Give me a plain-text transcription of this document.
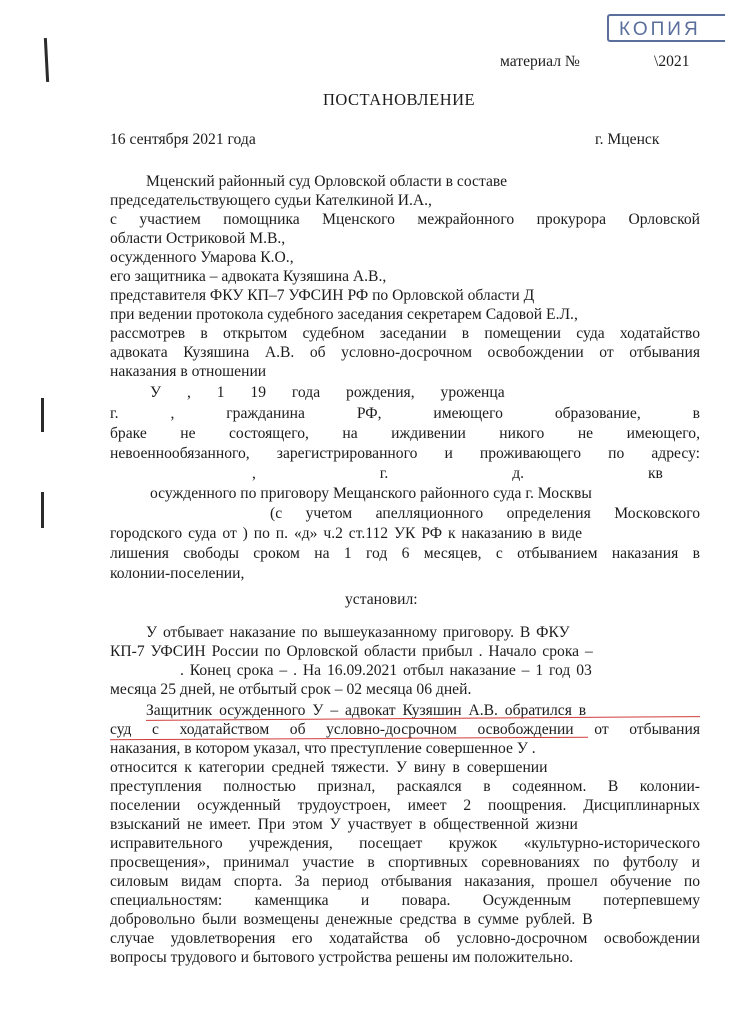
КОПИЯ
материал №	\2021
ПОСТАНОВЛЕНИЕ
16 сентября 2021 года	г. Мценск
Мценский районный суд Орловской области в составе
председательствующего судьи Кателкиной И.А.,
с участием помощника Мценского межрайонного прокурора Орловской
области Остриковой М.В.,
осужденного Умарова К.О.,
его защитника – адвоката Кузяшина А.В.,
представителя ФКУ КП–7 УФСИН РФ по Орловской области Д
при ведении протокола судебного заседания секретарем Садовой Е.Л.,
рассмотрев в открытом судебном заседании в помещении суда ходатайство
адвоката Кузяшина А.В. об условно-досрочном освобождении от отбывания
наказания в отношении
У , 1 19 года рождения, уроженца
г. , гражданина РФ, имеющего образование, в
браке не состоящего, на иждивении никого не имеющего,
невоеннообязанного, зарегистрированного и проживающего по адресу:
, г. д. кв
осужденного по приговору Мещанского районного суда г. Москвы
(с учетом апелляционного определения Московского
городского суда от ) по п. «д» ч.2 ст.112 УК РФ к наказанию в виде
лишения свободы сроком на 1 год 6 месяцев, с отбыванием наказания в
колонии-поселении,
установил:
У отбывает наказание по вышеуказанному приговору. В ФКУ
КП-7 УФСИН России по Орловской области прибыл . Начало срока –
. Конец срока – . На 16.09.2021 отбыл наказание – 1 год 03
месяца 25 дней, не отбытый срок – 02 месяца 06 дней.
Защитник осужденного У – адвокат Кузяшин А.В. обратился в
суд с ходатайством об условно-досрочном освобождении от отбывания
наказания, в котором указал, что преступление совершенное У .
относится к категории средней тяжести. У вину в совершении
преступления полностью признал, раскаялся в содеянном. В колонии-
поселении осужденный трудоустроен, имеет 2 поощрения. Дисциплинарных
взысканий не имеет. При этом У участвует в общественной жизни
исправительного учреждения, посещает кружок «культурно-исторического
просвещения», принимал участие в спортивных соревнованиях по футболу и
силовым видам спорта. За период отбывания наказания, прошел обучение по
специальностям: каменщика и повара. Осужденным потерпевшему
добровольно были возмещены денежные средства в сумме рублей. В
случае удовлетворения его ходатайства об условно-досрочном освобождении
вопросы трудового и бытового устройства решены им положительно.
